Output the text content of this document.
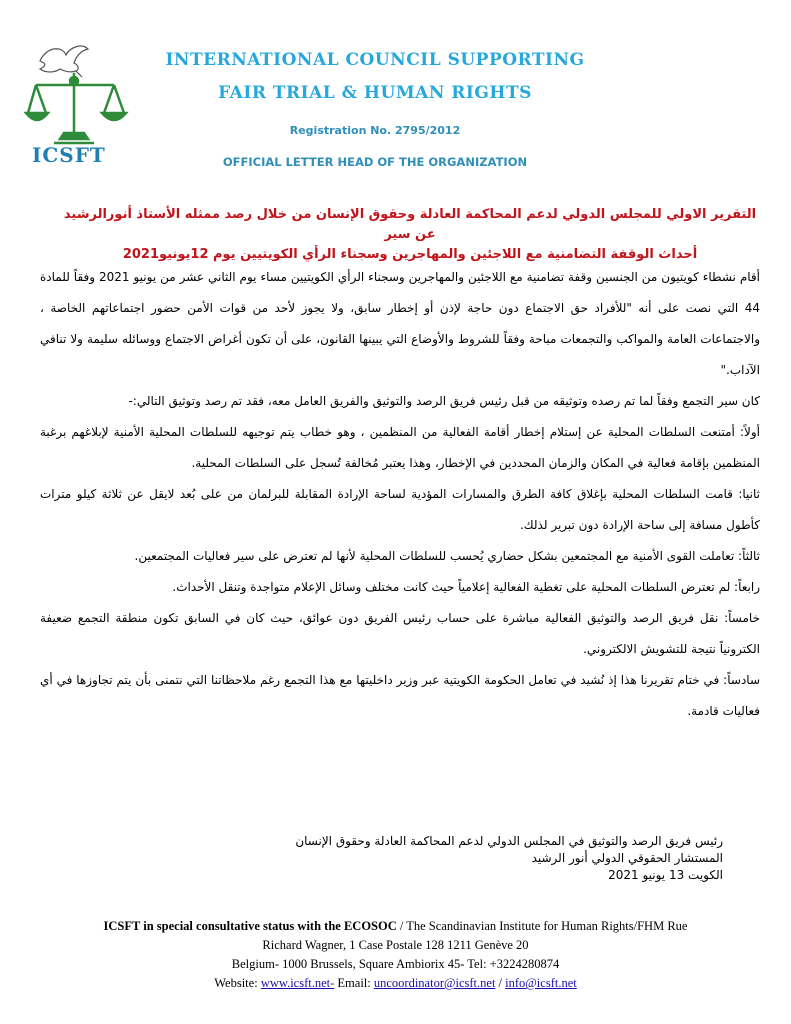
ICSFT
INTERNATIONAL COUNCIL SUPPORTING
FAIR TRIAL & HUMAN RIGHTS
Registration No. 2795/2012
OFFICIAL LETTER HEAD OF THE ORGANIZATION
التقرير الاولي للمجلس الدولي لدعم المحاكمة العادلة وحقوق الإنسان من خلال رصد ممثله الأستاذ أنورالرشيد عن سير
أحداث الوقفة التضامنية مع اللاجئين والمهاجرين وسجناء الرأي الكويتيين يوم 12يونيو2021

أقام نشطاء كويتيون من الجنسين وقفة تضامنية مع اللاجئين والمهاجرين وسجناء الرأي الكويتيين مساء يوم الثاني عشر من يونيو 2021 وفقاً للمادة 44 التي نصت على أنه "للأفراد حق الاجتماع دون حاجة لإذن أو إخطار سابق، ولا يجوز لأحد من قوات الأمن حضور اجتماعاتهم الخاصة ، والاجتماعات العامة والمواكب والتجمعات مباحة وفقاً للشروط والأوضاع التي يبينها القانون، على أن تكون أغراض الاجتماع ووسائله سليمة ولا تنافي الآداب."

كان سير التجمع وفقاً لما تم رصده وتوثيقه من قبل رئيس فريق الرصد والتوثيق والفريق العامل معه، فقد تم رصد وتوثيق التالي:-

أولاً: أمتنعت السلطات المحلية عن إستلام إخطار أقامة الفعالية من المنظمين ، وهو خطاب يتم توجيهه للسلطات المحلية الأمنية لإبلاغهم برغبة المنظمين بإقامة فعالية في المكان والزمان المحددين في الإخطار، وهذا يعتبر مُخالفة تُسجل على السلطات المحلية.

ثانيا: قامت السلطات المحلية بإغلاق كافة الطرق والمسارات المؤدية لساحة الإرادة المقابلة للبرلمان من على بُعد لايقل عن ثلاثة كيلو مترات كأطول مسافة إلى ساحة الإرادة دون تبرير لذلك.

ثالثاً: تعاملت القوى الأمنية مع المجتمعين بشكل حضاري يُحسب للسلطات المحلية لأنها لم تعترض على سير فعاليات المجتمعين.

رابعاً: لم تعترض السلطات المحلية على تغطية الفعالية إعلامياً حيث كانت مختلف وسائل الإعلام متواجدة وتنقل الأحداث.

خامساً: نقل فريق الرصد والتوثيق الفعالية مباشرة على حساب رئيس الفريق دون عوائق، حيث كان في السابق تكون منطقة التجمع ضعيفة الكترونياً نتيجة للتشويش الالكتروني.

سادساً: في ختام تقريرنا هذا إذ نُشيد في تعامل الحكومة الكويتية عبر وزير داخليتها مع هذا التجمع رغم ملاحظاتنا التي نتمنى بأن يتم تجاوزها في أي فعاليات قادمة.

رئيس فريق الرصد والتوثيق في المجلس الدولي لدعم المحاكمة العادلة وحقوق الإنسان
المستشار الحقوقي الدولي أنور الرشيد
الكويت 13 يونيو 2021
ICSFT in special consultative status with the ECOSOC / The Scandinavian Institute for Human Rights/FHM Rue
Richard Wagner, 1 Case Postale 128 1211 Genève 20
Belgium- 1000 Brussels, Square Ambiorix 45- Tel: +3224280874
Website: www.icsft.net- Email: uncoordinator@icsft.net / info@icsft.net
